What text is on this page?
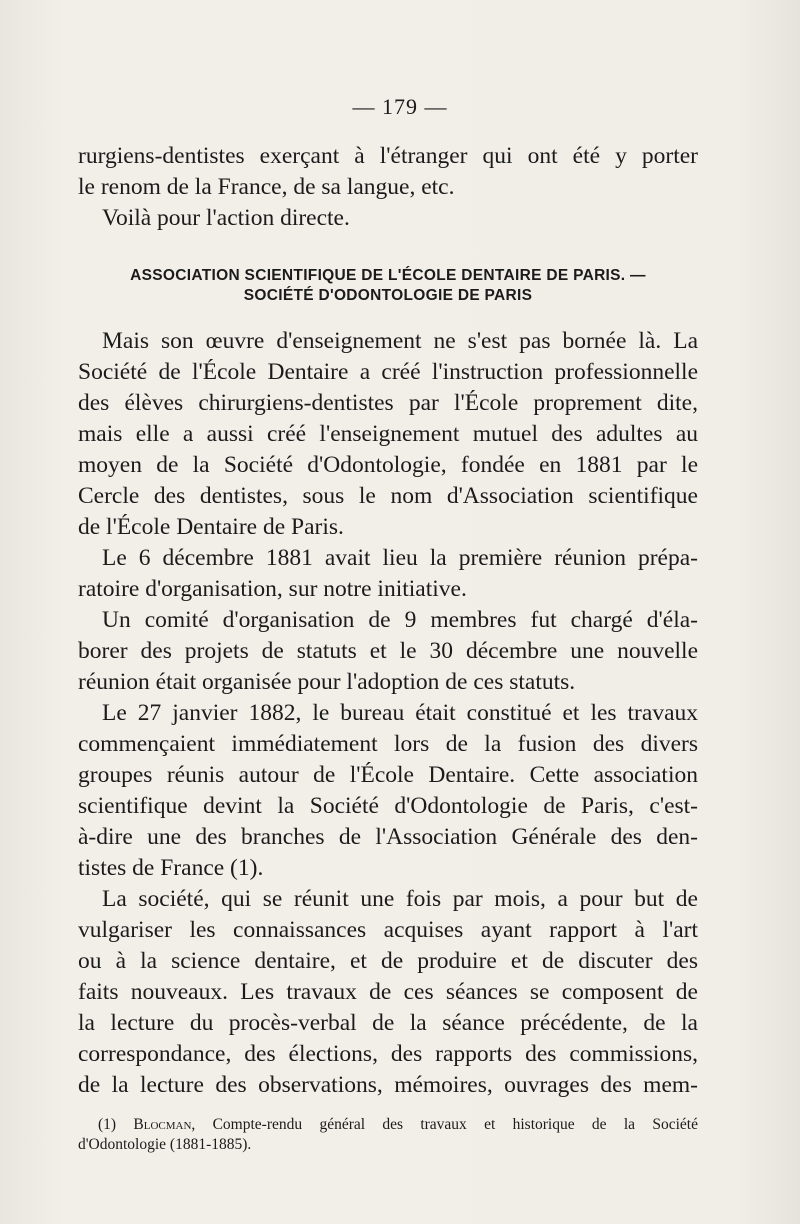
— 179 —
rurgiens-dentistes exerçant à l'étranger qui ont été y porter
le renom de la France, de sa langue, etc.
Voilà pour l'action directe.
ASSOCIATION SCIENTIFIQUE DE L'ÉCOLE DENTAIRE DE PARIS. —
SOCIÉTÉ D'ODONTOLOGIE DE PARIS
Mais son œuvre d'enseignement ne s'est pas bornée là. La
Société de l'École Dentaire a créé l'instruction professionnelle
des élèves chirurgiens-dentistes par l'École proprement dite,
mais elle a aussi créé l'enseignement mutuel des adultes au
moyen de la Société d'Odontologie, fondée en 1881 par le
Cercle des dentistes, sous le nom d'Association scientifique
de l'École Dentaire de Paris.
Le 6 décembre 1881 avait lieu la première réunion prépa-
ratoire d'organisation, sur notre initiative.
Un comité d'organisation de 9 membres fut chargé d'éla-
borer des projets de statuts et le 30 décembre une nouvelle
réunion était organisée pour l'adoption de ces statuts.
Le 27 janvier 1882, le bureau était constitué et les travaux
commençaient immédiatement lors de la fusion des divers
groupes réunis autour de l'École Dentaire. Cette association
scientifique devint la Société d'Odontologie de Paris, c'est-
à-dire une des branches de l'Association Générale des den-
tistes de France (1).
La société, qui se réunit une fois par mois, a pour but de
vulgariser les connaissances acquises ayant rapport à l'art
ou à la science dentaire, et de produire et de discuter des
faits nouveaux. Les travaux de ces séances se composent de
la lecture du procès-verbal de la séance précédente, de la
correspondance, des élections, des rapports des commissions,
de la lecture des observations, mémoires, ouvrages des mem-
(1) Blocman, Compte-rendu général des travaux et historique de la Société
d'Odontologie (1881-1885).
